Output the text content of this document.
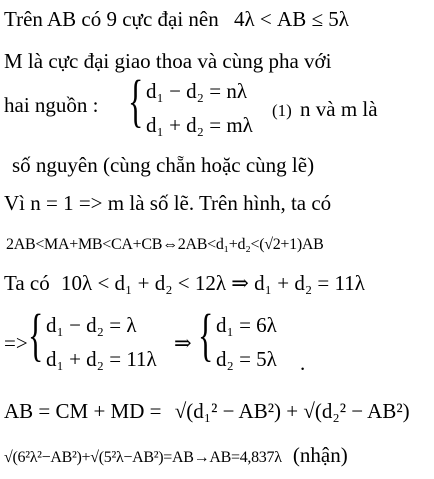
Trên AB có 9 cực đại nên 4λ < AB ≤ 5λ
M là cực đại giao thoa và cùng pha với
hai nguồn : { d₁ − d₂ = nλ
d₁ + d₂ = mλ
(1) n và m là
số nguyên (cùng chẵn hoặc cùng lẽ)
Vì n = 1 => m là số lẽ. Trên hình, ta có
2AB<MA+MB<CA+CB⇔2AB<d₁+d₂<(√2+1)AB
Ta có 10λ < d₁ + d₂ < 12λ ⇒ d₁ + d₂ = 11λ
=> { d₁ − d₂ = λ
d₁ + d₂ = 11λ
⇒ { d₁ = 6λ
d₂ = 5λ .
AB = CM + MD = √(d₁² − AB²) + √(d₂² − AB²)
√(6²λ²−AB²)+√(5²λ−AB²)=AB→AB=4,837λ (nhận)
